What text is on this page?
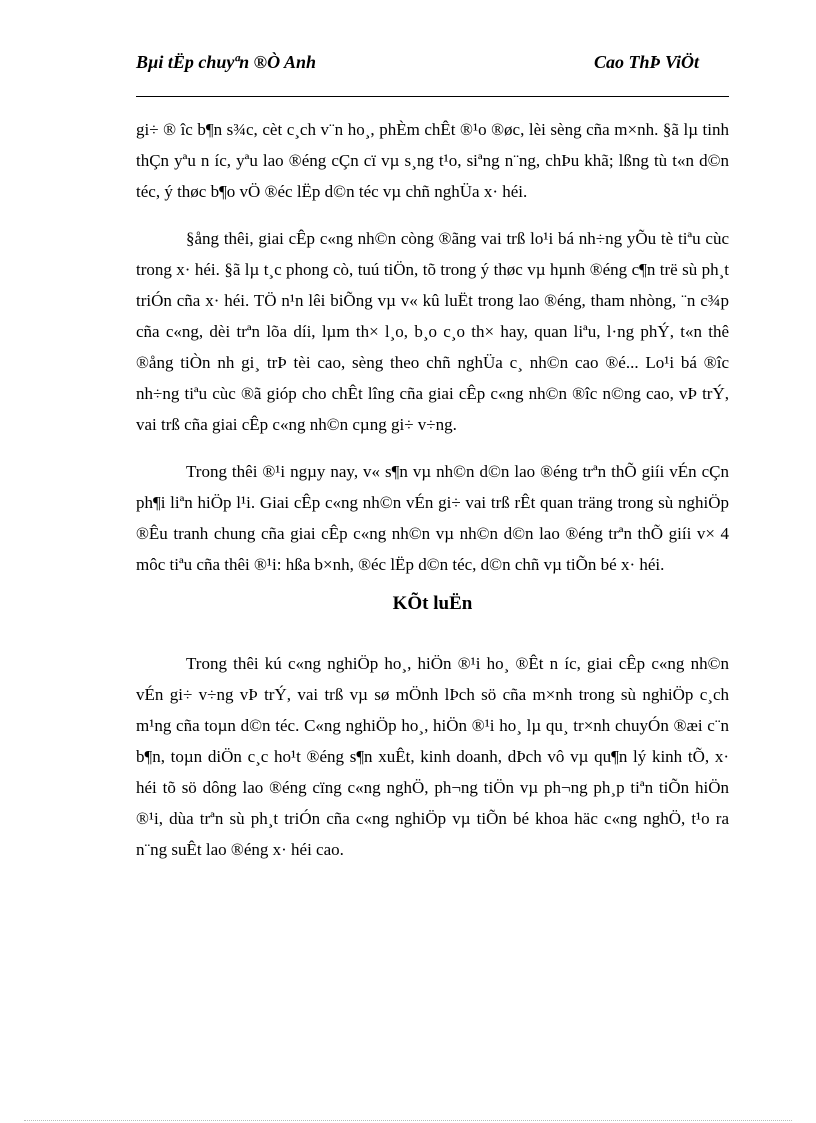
Bµi tËp chuyªn ®Ò Anh	Cao ThÞ ViÖt

gi÷ ® îc b¶n s¾c, cèt c¸ch v¨n ho¸, phÈm chÊt ®¹o ®øc, lèi sèng cña m×nh. §ã lµ tinh thÇn yªu n íc, yªu lao ®éng cÇn cï vµ s¸ng t¹o, siªng n¨ng, chÞu khã; lßng tù t«n d©n téc, ý thøc b¶o vÖ ®éc lËp d©n téc vµ chñ nghÜa x· héi.

§ång thêi, giai cÊp c«ng nh©n còng ®ãng vai trß lo¹i bá nh÷ng yÕu tè tiªu cùc trong x· héi. §ã lµ t¸c phong cò, tuú tiÖn, tõ trong ý thøc vµ hµnh ®éng c¶n trë sù ph¸t triÓn cña x· héi. TÖ n¹n lêi biÕng vµ v« kû luËt trong lao ®éng, tham nhòng, ¨n c¾p cña c«ng, dèi trªn lõa díi, lµm th× l¸o, b¸o c¸o th× hay, quan liªu, l·ng phÝ, t«n thê ®ång tiÒn nh gi¸ trÞ tèi cao, sèng theo chñ nghÜa c¸ nh©n cao ®é... Lo¹i bá ®îc nh÷ng tiªu cùc ®ã gióp cho chÊt lîng cña giai cÊp c«ng nh©n ®îc n©ng cao, vÞ trÝ, vai trß cña giai cÊp c«ng nh©n cµng gi÷ v÷ng.

Trong thêi ®¹i ngµy nay, v« s¶n vµ nh©n d©n lao ®éng trªn thÕ giíi vÉn cÇn ph¶i liªn hiÖp l¹i. Giai cÊp c«ng nh©n vÉn gi÷ vai trß rÊt quan träng trong sù nghiÖp ®Êu tranh chung cña giai cÊp c«ng nh©n vµ nh©n d©n lao ®éng trªn thÕ giíi v× 4 môc tiªu cña thêi ®¹i: hßa b×nh, ®éc lËp d©n téc, d©n chñ vµ tiÕn bé x· héi.

KÕt luËn

Trong thêi kú c«ng nghiÖp ho¸, hiÖn ®¹i ho¸ ®Êt n íc, giai cÊp c«ng nh©n vÉn gi÷ v÷ng vÞ trÝ, vai trß vµ sø mÖnh lÞch sö cña m×nh trong sù nghiÖp c¸ch m¹ng cña toµn d©n téc. C«ng nghiÖp ho¸, hiÖn ®¹i ho¸ lµ qu¸ tr×nh chuyÓn ®æi c¨n b¶n, toµn diÖn c¸c ho¹t ®éng s¶n xuÊt, kinh doanh, dÞch vô vµ qu¶n lý kinh tÕ, x· héi tõ sö dông lao ®éng cïng c«ng nghÖ, ph¬ng tiÖn vµ ph¬ng ph¸p tiªn tiÕn hiÖn ®¹i, dùa trªn sù ph¸t triÓn cña c«ng nghiÖp vµ tiÕn bé khoa häc c«ng nghÖ, t¹o ra n¨ng suÊt lao ®éng x· héi cao.
